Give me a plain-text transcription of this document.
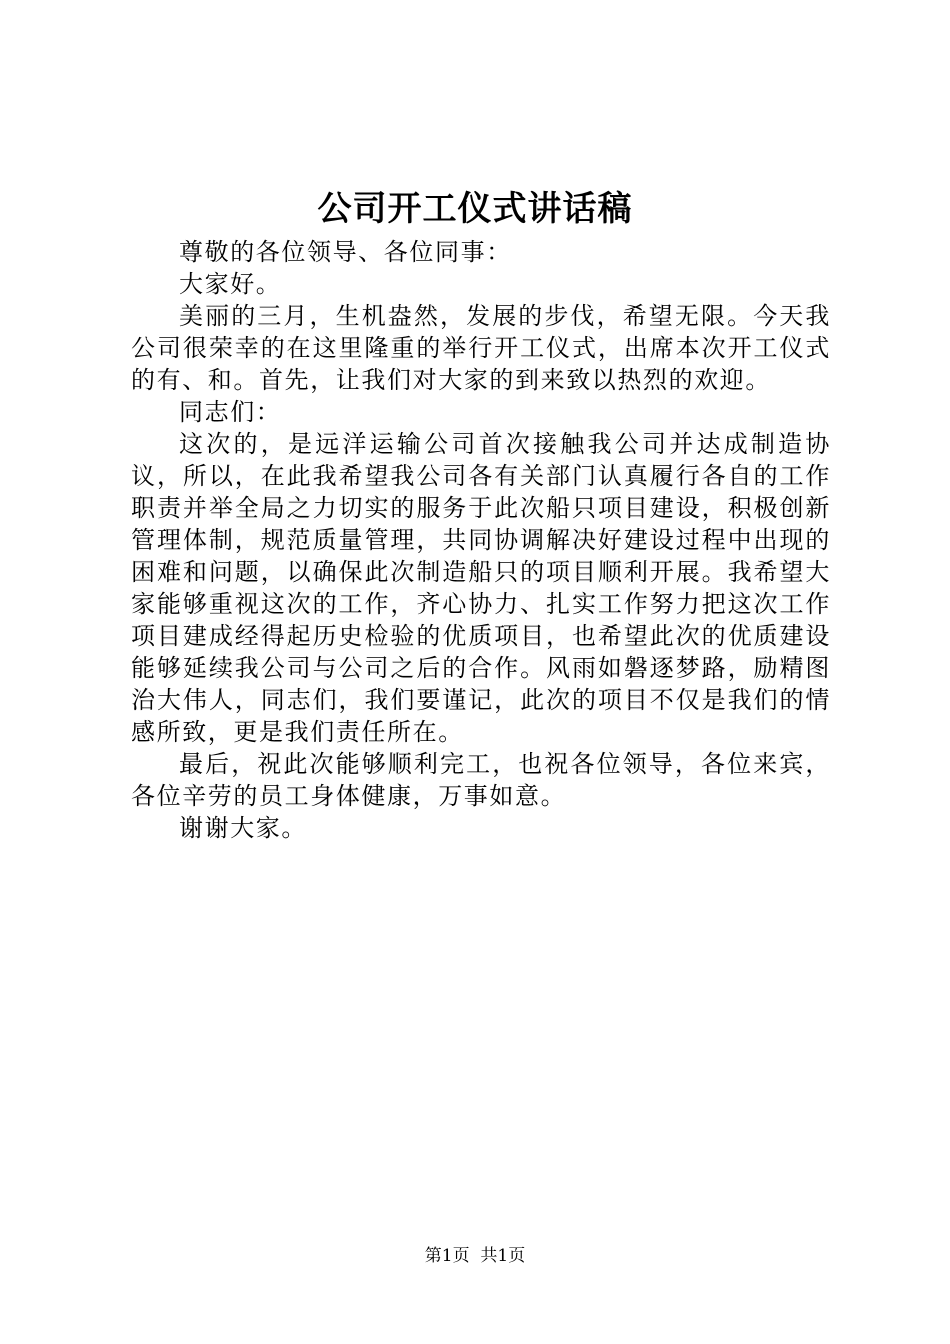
公司开工仪式讲话稿

尊敬的各位领导、各位同事：

大家好。

美丽的三月，生机盎然，发展的步伐，希望无限。今天我公司很荣幸的在这里隆重的举行开工仪式，出席本次开工仪式的有、和。首先，让我们对大家的到来致以热烈的欢迎。

同志们：

这次的，是远洋运输公司首次接触我公司并达成制造协议，所以，在此我希望我公司各有关部门认真履行各自的工作职责并举全局之力切实的服务于此次船只项目建设，积极创新管理体制，规范质量管理，共同协调解决好建设过程中出现的困难和问题，以确保此次制造船只的项目顺利开展。我希望大家能够重视这次的工作，齐心协力、扎实工作努力把这次工作项目建成经得起历史检验的优质项目，也希望此次的优质建设能够延续我公司与公司之后的合作。风雨如磐逐梦路，励精图治大伟人，同志们，我们要谨记，此次的项目不仅是我们的情感所致，更是我们责任所在。

最后，祝此次能够顺利完工，也祝各位领导，各位来宾，各位辛劳的员工身体健康，万事如意。

谢谢大家。

第1页 共1页
